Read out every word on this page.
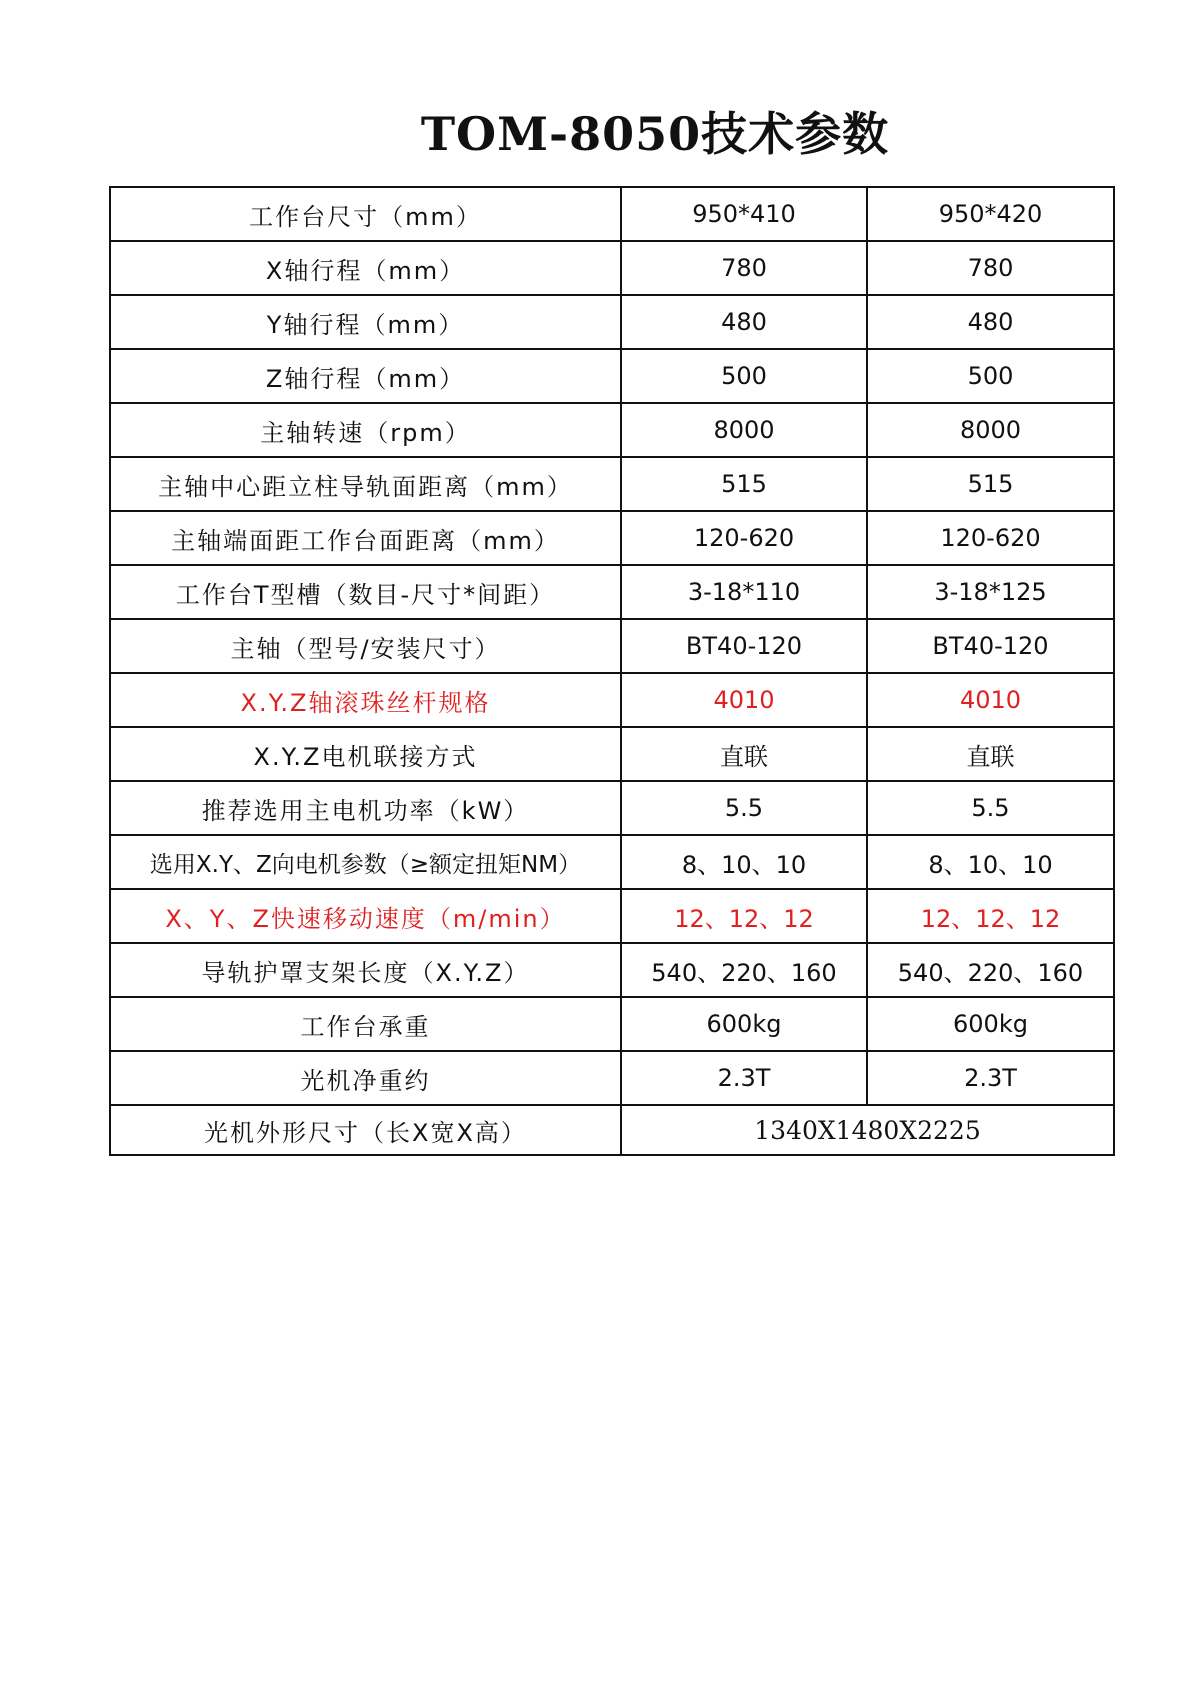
TOM-8050技术参数
工作台尺寸（mm）	950*410	950*420
X轴行程（mm）	780	780
Y轴行程（mm）	480	480
Z轴行程（mm）	500	500
主轴转速（rpm）	8000	8000
主轴中心距立柱导轨面距离（mm）	515	515
主轴端面距工作台面距离（mm）	120-620	120-620
工作台T型槽（数目-尺寸*间距）	3-18*110	3-18*125
主轴（型号/安装尺寸）	BT40-120	BT40-120
X.Y.Z轴滚珠丝杆规格	4010	4010
X.Y.Z电机联接方式	直联	直联
推荐选用主电机功率（kW）	5.5	5.5
选用X.Y、Z向电机参数（≥额定扭矩NM）	8、10、10	8、10、10
X、Y、Z快速移动速度（m/min）	12、12、12	12、12、12
导轨护罩支架长度（X.Y.Z）	540、220、160	540、220、160
工作台承重	600kg	600kg
光机净重约	2.3T	2.3T
光机外形尺寸（长X宽X高）	1340X1480X2225	
